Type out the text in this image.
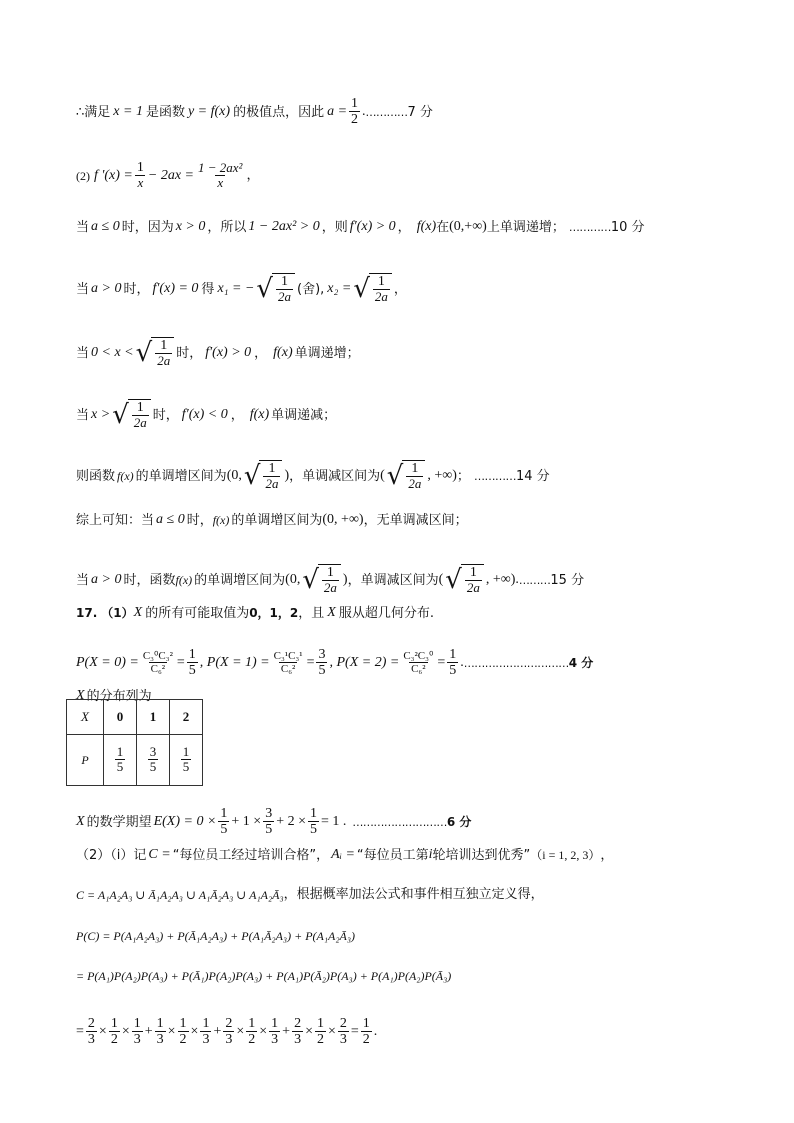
∴满足 x = 1 是函数 y = f(x) 的极值点，因此 $a = \frac{1}{2}$ . ………… 7 分
(2) f '$(x) = \frac{1}{x} - 2ax = \frac{\text{1 − 2ax²}}{x}$ ，
当 a ≤ 0 时，因为 x > 0 ，所以 1 − 2ax² > 0 ，则 f′(x) > 0 ， f(x) 在 (0,+∞) 上单调递增； ………… 10 分
当 a > 0 时， f′(x) = 0 得 x₁ = − √ $\frac{1}{2a}$ (舍), x₂ = √ $\frac{1}{2a}$ ，
当 0 < x < √ $\frac{1}{2a}$ 时， f′(x) > 0 ， f(x) 单调递增；
当 x > √ $\frac{1}{2a}$ 时， f′(x) < 0 ， f(x) 单调递减；
则函数 f(x) 的单调增区间为 (0, √ $\frac{1}{2a}$ ) ，单调减区间为 ( √ $\frac{1}{2a}$ , +∞) ； ………… 14 分
综上可知：当 a ≤ 0 时， f(x) 的单调增区间为 (0, +∞) ，无单调减区间；
当 a > 0 时，函数 f(x) 的单调增区间为 (0, √ $\frac{1}{2a}$ ) ，单调减区间为 ( √ $\frac{1}{2a}$ , +∞) . ……… 15 分
17. （1） X 的所有可能取值为 0，1，2 ，且 X 服从超几何分布.
$P(X = 0) = \frac{\text{C₃⁰C₃²}}{\text{C₆²}} = \frac{1}{5}$ , $P(X = 1) = \frac{\text{C₃¹C₃¹}}{\text{C₆²}} = \frac{3}{5}$ , $P(X = 2) = \frac{\text{C₃²C₃⁰}}{\text{C₆²}} = \frac{1}{5}$ . ………………………… 4 分
X 的分布列为
X	0	1	2
P	$\frac{1}{5}$	$\frac{3}{5}$	$\frac{1}{5}$
X 的数学期望 $E(X) = 0 \times \frac{1}{5} + 1 \times \frac{3}{5} + 2 \times \frac{1}{5} = 1$ . ……………………… 6 分
（2）（ⅰ）记 C = “每位员工经过培训合格”， Aᵢ = “每位员工第 i 轮培训达到优秀” （i = 1, 2, 3） ，
C = A₁A₂A₃ ∪ Ā₁A₂A₃ ∪ A₁Ā₂A₃ ∪ A₁A₂Ā₃ ，根据概率加法公式和事件相互独立定义得，
P(C) = P(A₁A₂A₃) + P(Ā₁A₂A₃) + P(A₁Ā₂A₃) + P(A₁A₂Ā₃)
= P(A₁)P(A₂)P(A₃) + P(Ā₁)P(A₂)P(A₃) + P(A₁)P(Ā₂)P(A₃) + P(A₁)P(A₂)P(Ā₃)
= $\frac{2}{3} \times \frac{1}{2} \times \frac{1}{3} + \frac{1}{3} \times \frac{1}{2} \times \frac{1}{3} + \frac{2}{3} \times \frac{1}{2} \times \frac{1}{3} + \frac{2}{3} \times \frac{1}{2} \times \frac{2}{3} = \frac{1}{2}$ .
